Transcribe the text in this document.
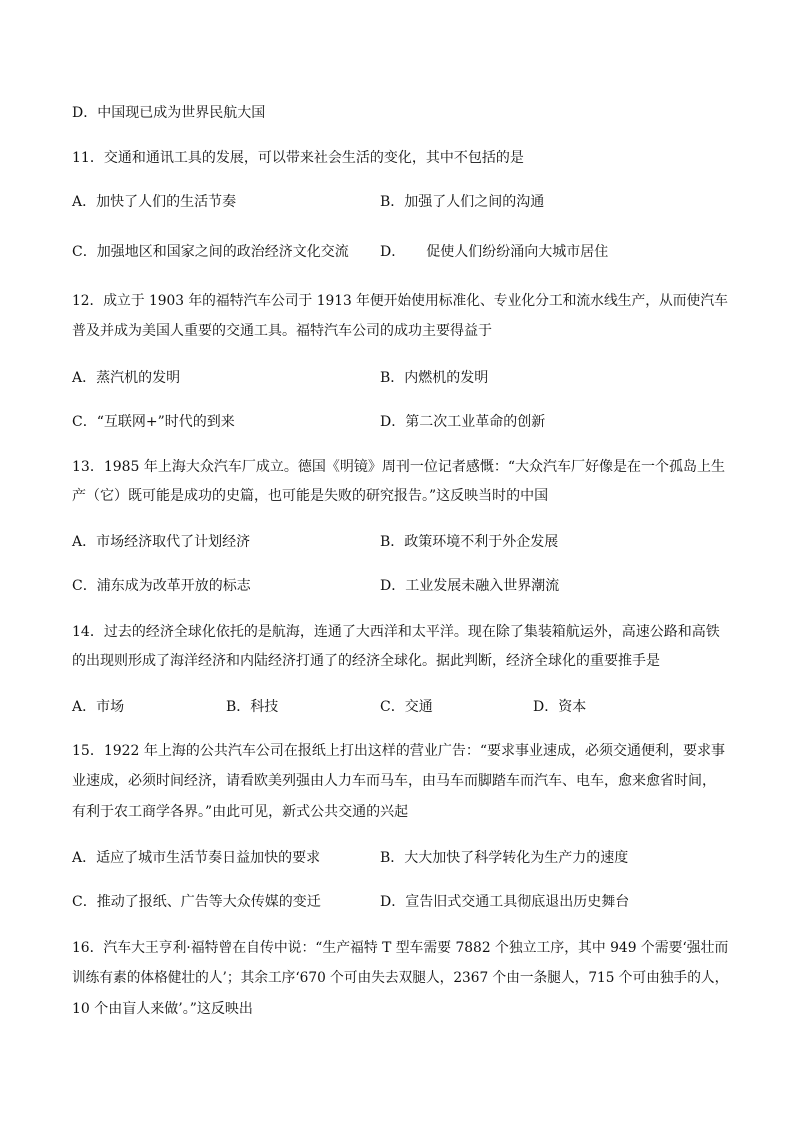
D．中国现已成为世界民航大国
11．交通和通讯工具的发展，可以带来社会生活的变化，其中不包括的是
A．加快了人们的生活节奏	B．加强了人们之间的沟通
C．加强地区和国家之间的政治经济文化交流 D．　　促使人们纷纷涌向大城市居住
12．成立于 1903 年的福特汽车公司于 1913 年便开始使用标准化、专业化分工和流水线生产，从而使汽车
普及并成为美国人重要的交通工具。福特汽车公司的成功主要得益于
A．蒸汽机的发明	B．内燃机的发明
C．“互联网+”时代的到来	D．第二次工业革命的创新
13．1985 年上海大众汽车厂成立。德国《明镜》周刊一位记者感慨：“大众汽车厂好像是在一个孤岛上生
产（它）既可能是成功的史篇，也可能是失败的研究报告。”这反映当时的中国
A．市场经济取代了计划经济	B．政策环境不利于外企发展
C．浦东成为改革开放的标志	D．工业发展未融入世界潮流
14．过去的经济全球化依托的是航海，连通了大西洋和太平洋。现在除了集装箱航运外，高速公路和高铁
的出现则形成了海洋经济和内陆经济打通了的经济全球化。据此判断，经济全球化的重要推手是
A．市场	B．科技	C．交通	D．资本
15．1922 年上海的公共汽车公司在报纸上打出这样的营业广告：“要求事业速成，必须交通便利，要求事
业速成，必须时间经济，请看欧美列强由人力车而马车，由马车而脚踏车而汽车、电车，愈来愈省时间，
有利于农工商学各界。”由此可见，新式公共交通的兴起
A．适应了城市生活节奏日益加快的要求	B．大大加快了科学转化为生产力的速度
C．推动了报纸、广告等大众传媒的变迁	D．宣告旧式交通工具彻底退出历史舞台
16．汽车大王亨利·福特曾在自传中说：“生产福特 T 型车需要 7882 个独立工序，其中 949 个需要‘强壮而
训练有素的体格健壮的人’；其余工序‘670 个可由失去双腿人，2367 个由一条腿人，715 个可由独手的人，
10 个由盲人来做’。”这反映出
